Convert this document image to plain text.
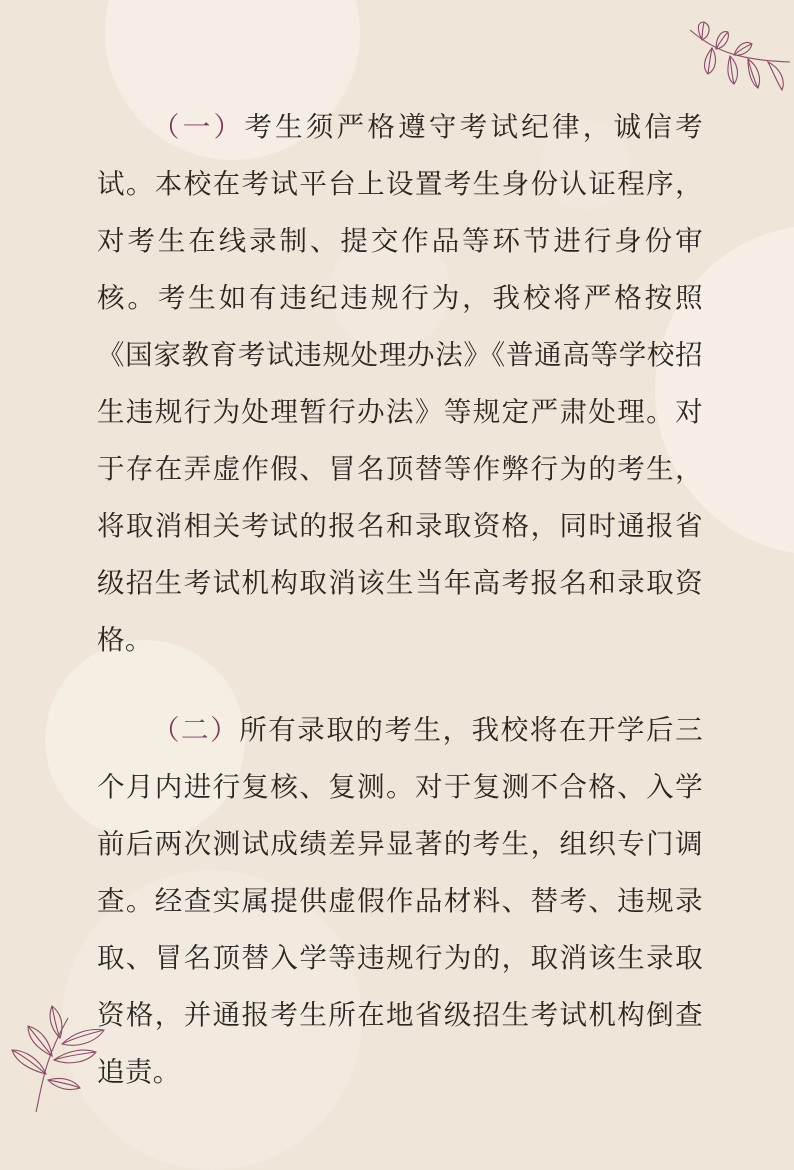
（一）考生须严格遵守考试纪律，诚信考试。本校在考试平台上设置考生身份认证程序，对考生在线录制、提交作品等环节进行身份审核。考生如有违纪违规行为，我校将严格按照《国家教育考试违规处理办法》《普通高等学校招生违规行为处理暂行办法》等规定严肃处理。对于存在弄虚作假、冒名顶替等作弊行为的考生，将取消相关考试的报名和录取资格，同时通报省级招生考试机构取消该生当年高考报名和录取资格。

（二）所有录取的考生，我校将在开学后三个月内进行复核、复测。对于复测不合格、入学前后两次测试成绩差异显著的考生，组织专门调查。经查实属提供虚假作品材料、替考、违规录取、冒名顶替入学等违规行为的，取消该生录取资格，并通报考生所在地省级招生考试机构倒查追责。
